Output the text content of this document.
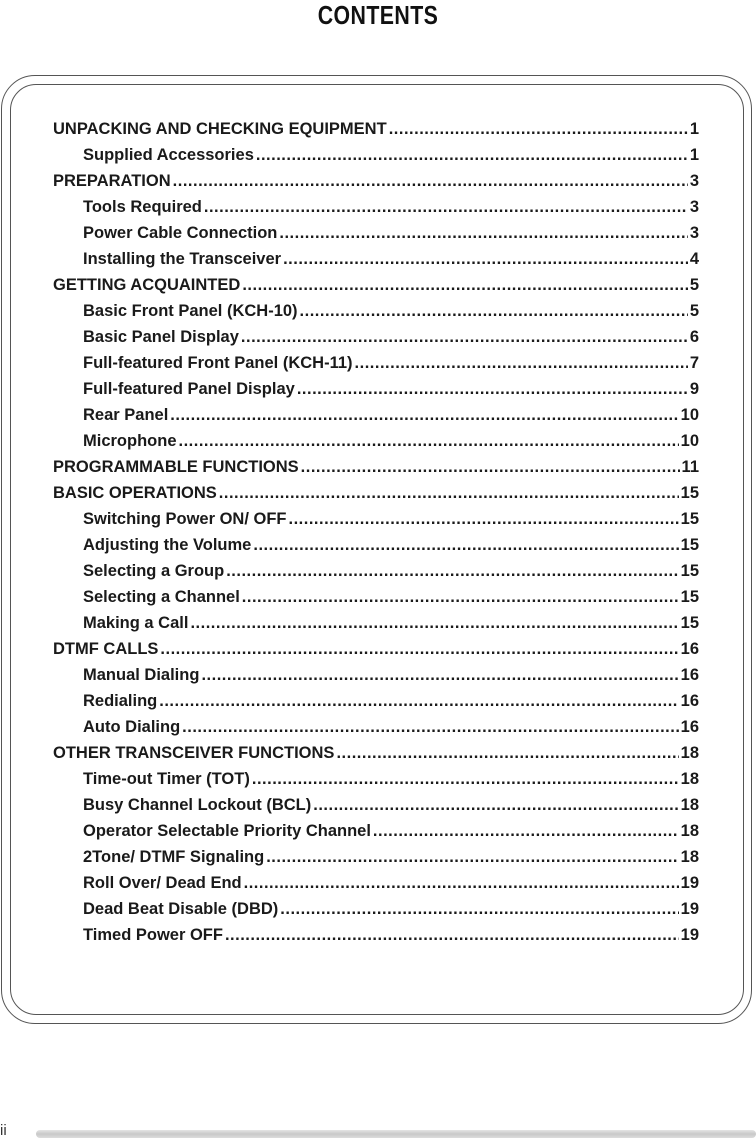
CONTENTS
UNPACKING AND CHECKING EQUIPMENT .....	1
Supplied Accessories .....	1
PREPARATION .....	3
Tools Required .....	3
Power Cable Connection .....	3
Installing the Transceiver .....	4
GETTING ACQUAINTED .....	5
Basic Front Panel (KCH-10) .....	5
Basic Panel Display .....	6
Full-featured Front Panel (KCH-11) .....	7
Full-featured Panel Display .....	9
Rear Panel .....	10
Microphone .....	10
PROGRAMMABLE FUNCTIONS .....	11
BASIC OPERATIONS .....	15
Switching Power ON/ OFF .....	15
Adjusting the Volume .....	15
Selecting a Group .....	15
Selecting a Channel .....	15
Making a Call .....	15
DTMF CALLS .....	16
Manual Dialing .....	16
Redialing .....	16
Auto Dialing .....	16
OTHER TRANSCEIVER FUNCTIONS .....	18
Time-out Timer (TOT) .....	18
Busy Channel Lockout (BCL) .....	18
Operator Selectable Priority Channel .....	18
2Tone/ DTMF Signaling .....	18
Roll Over/ Dead End .....	19
Dead Beat Disable (DBD) .....	19
Timed Power OFF .....	19
ii
